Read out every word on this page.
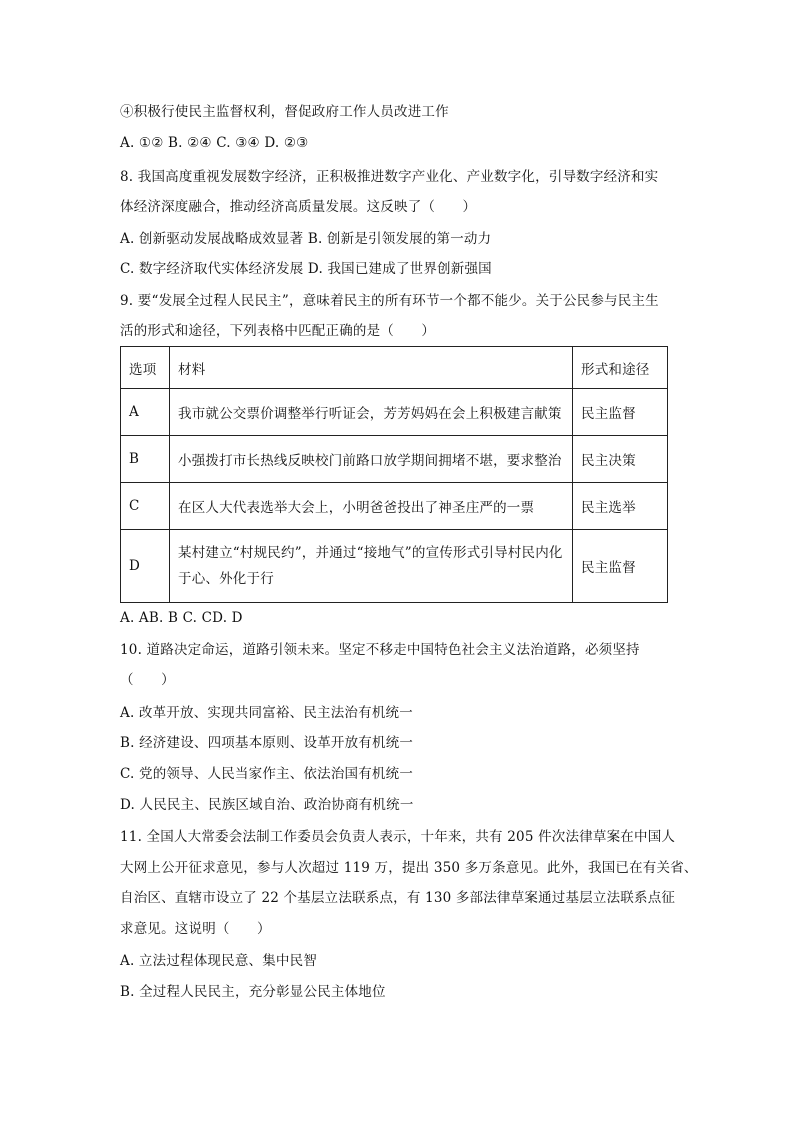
④积极行使民主监督权利，督促政府工作人员改进工作
A. ①② B. ②④ C. ③④ D. ②③
8. 我国高度重视发展数字经济，正积极推进数字产业化、产业数字化，引导数字经济和实
体经济深度融合，推动经济高质量发展。这反映了（　　）
A. 创新驱动发展战略成效显著 B. 创新是引领发展的第一动力
C. 数字经济取代实体经济发展 D. 我国已建成了世界创新强国
9. 要“发展全过程人民民主”，意味着民主的所有环节一个都不能少。关于公民参与民主生
活的形式和途径，下列表格中匹配正确的是（　　）
选项	材料	形式和途径
A	我市就公交票价调整举行听证会，芳芳妈妈在会上积极建言献策	民主监督
B	小强拨打市长热线反映校门前路口放学期间拥堵不堪，要求整治	民主决策
C	在区人大代表选举大会上，小明爸爸投出了神圣庄严的一票	民主选举
D	某村建立“村规民约”，并通过“接地气”的宣传形式引导村民内化
于心、外化于行	民主监督
A. AB. B C. CD. D
10. 道路决定命运，道路引领未来。坚定不移走中国特色社会主义法治道路，必须坚持
（　　）
A. 改革开放、实现共同富裕、民主法治有机统一
B. 经济建设、四项基本原则、设革开放有机统一
C. 党的领导、人民当家作主、依法治国有机统一
D. 人民民主、民族区域自治、政治协商有机统一
11. 全国人大常委会法制工作委员会负责人表示，十年来，共有 205 件次法律草案在中国人
大网上公开征求意见，参与人次超过 119 万，提出 350 多万条意见。此外，我国已在有关省、
自治区、直辖市设立了 22 个基层立法联系点，有 130 多部法律草案通过基层立法联系点征
求意见。这说明（　　）
A. 立法过程体现民意、集中民智
B. 全过程人民民主，充分彰显公民主体地位
